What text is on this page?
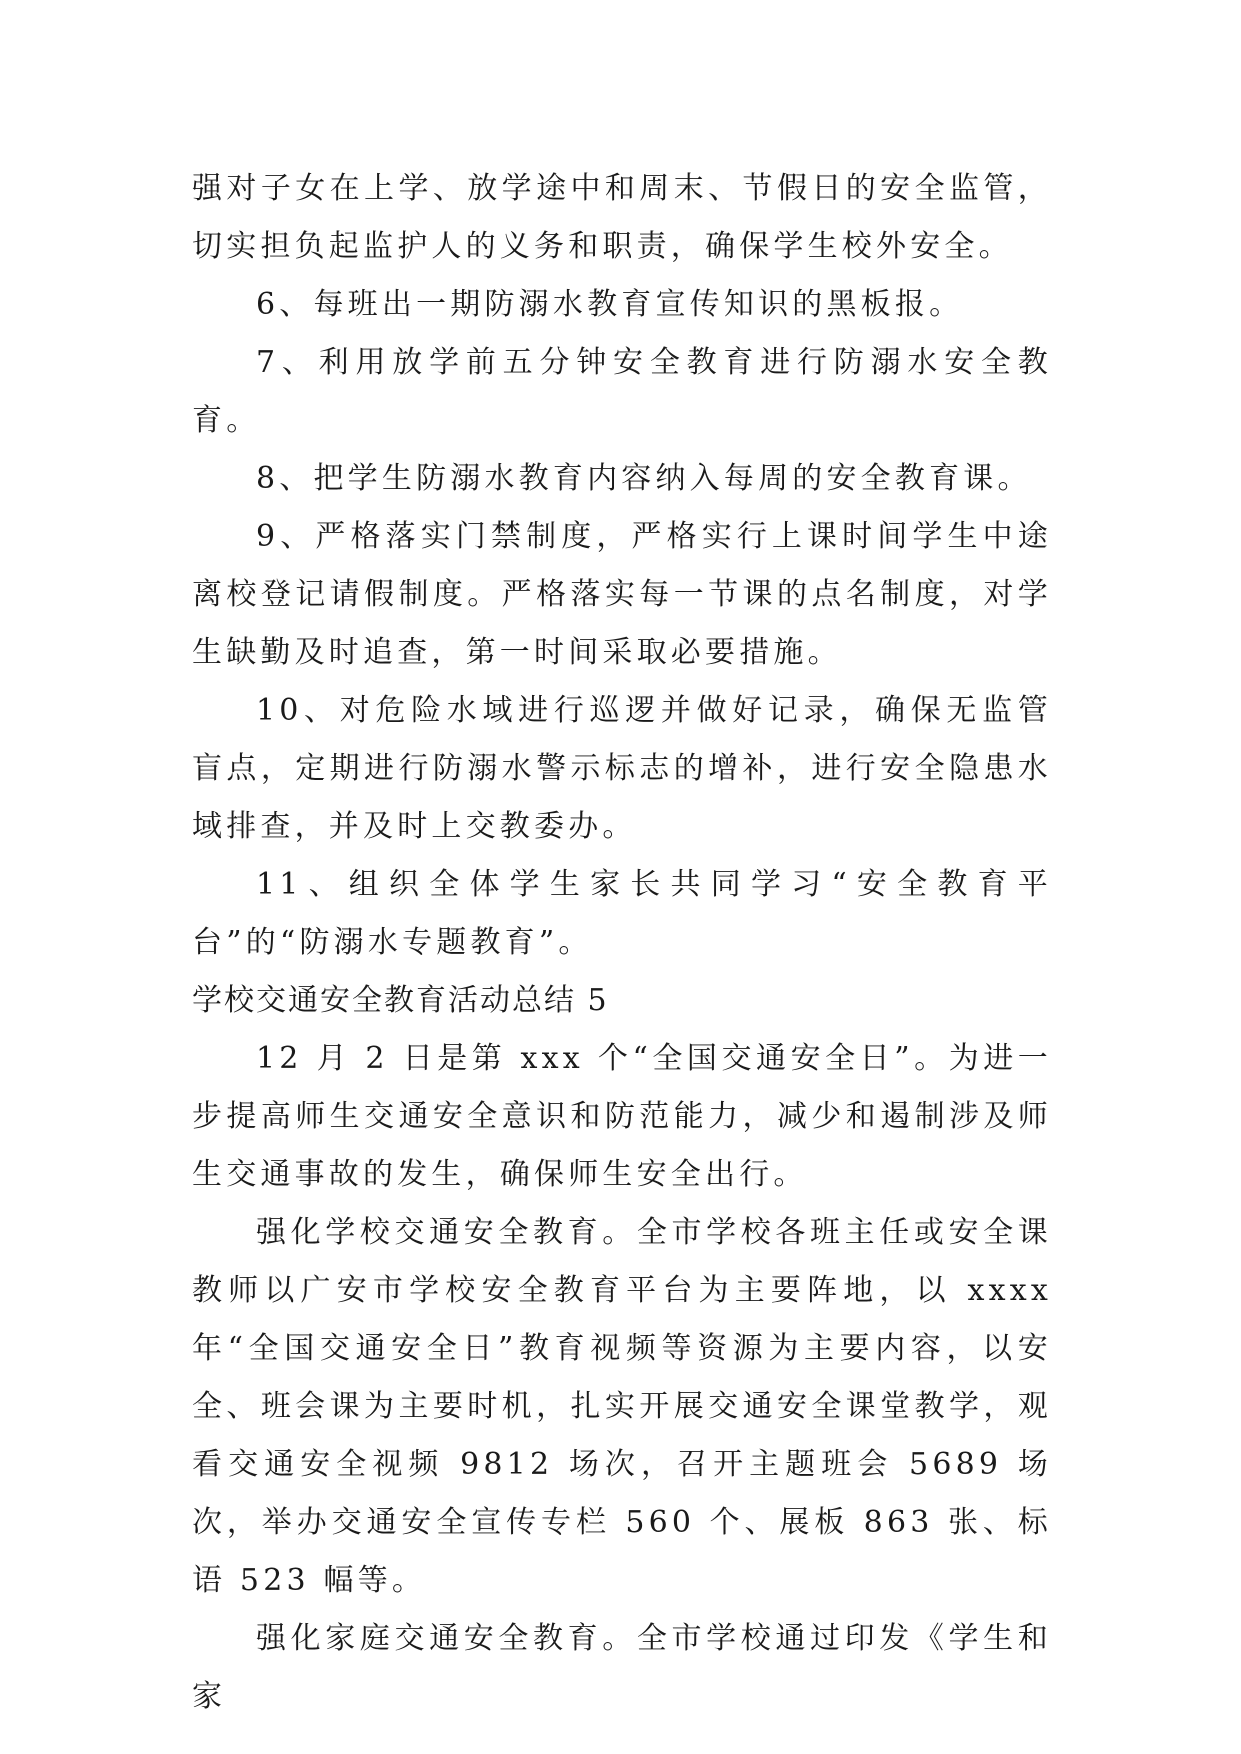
强对子女在上学、放学途中和周末、节假日的安全监管，切实担负起监护人的义务和职责，确保学生校外安全。

6、每班出一期防溺水教育宣传知识的黑板报。

7、利用放学前五分钟安全教育进行防溺水安全教育。

8、把学生防溺水教育内容纳入每周的安全教育课。

9、严格落实门禁制度，严格实行上课时间学生中途离校登记请假制度。严格落实每一节课的点名制度，对学生缺勤及时追查，第一时间采取必要措施。

10、对危险水域进行巡逻并做好记录，确保无监管盲点，定期进行防溺水警示标志的增补，进行安全隐患水域排查，并及时上交教委办。

11、组织全体学生家长共同学习“安全教育平台”的“防溺水专题教育”。

学校交通安全教育活动总结 5

12 月 2 日是第 xxx 个“全国交通安全日”。为进一步提高师生交通安全意识和防范能力，减少和遏制涉及师生交通事故的发生，确保师生安全出行。

强化学校交通安全教育。全市学校各班主任或安全课教师以广安市学校安全教育平台为主要阵地，以 xxxx 年“全国交通安全日”教育视频等资源为主要内容，以安全、班会课为主要时机，扎实开展交通安全课堂教学，观看交通安全视频 9812 场次，召开主题班会 5689 场次，举办交通安全宣传专栏 560 个、展板 863 张、标语 523 幅等。

强化家庭交通安全教育。全市学校通过印发《学生和家
